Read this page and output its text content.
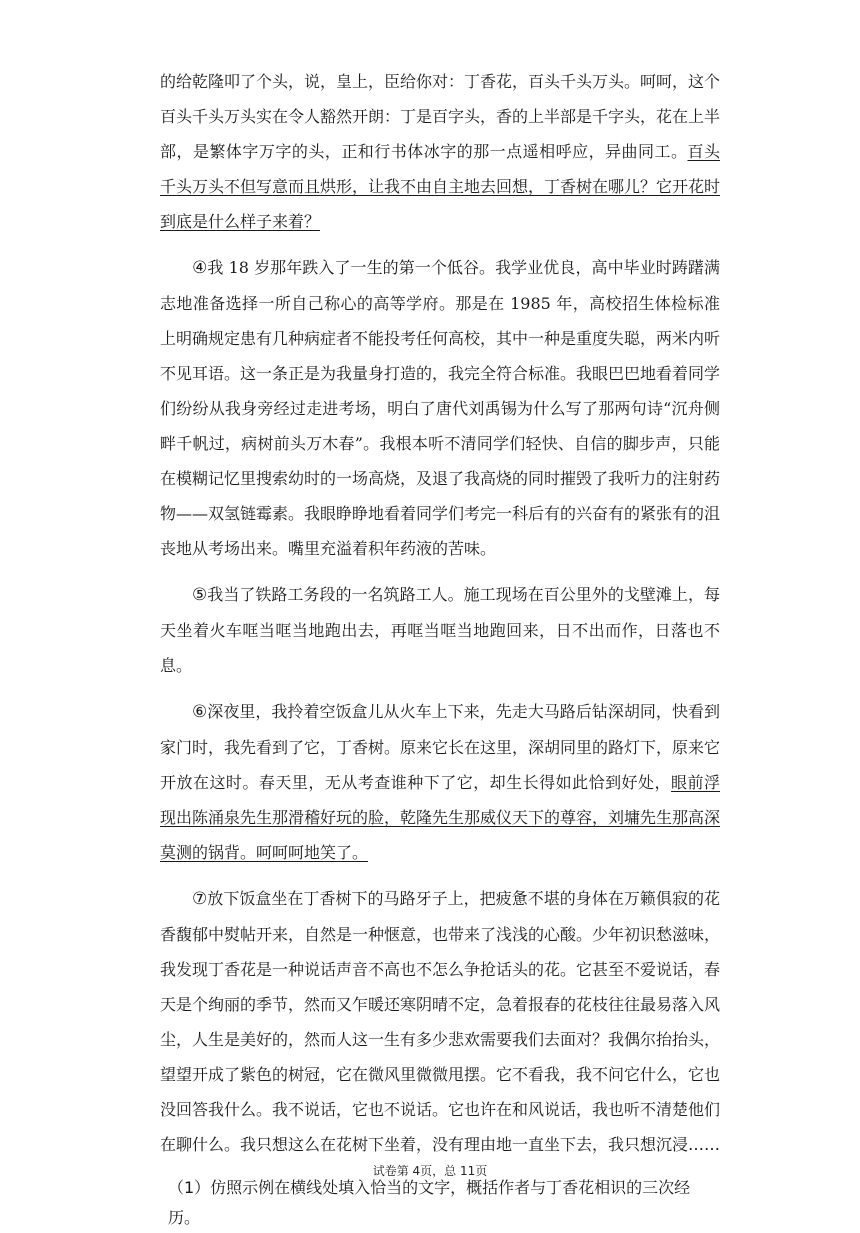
的给乾隆叩了个头，说，皇上，臣给你对：丁香花，百头千头万头。呵呵，这个百头千头万头实在令人豁然开朗：丁是百字头，香的上半部是千字头，花在上半部，是繁体字万字的头，正和行书体冰字的那一点遥相呼应，异曲同工。百头千头万头不但写意而且烘形，让我不由自主地去回想，丁香树在哪儿？它开花时到底是什么样子来着？

④我 18 岁那年跌入了一生的第一个低谷。我学业优良，高中毕业时踌躇满志地准备选择一所自己称心的高等学府。那是在 1985 年，高校招生体检标准上明确规定患有几种病症者不能投考任何高校，其中一种是重度失聪，两米内听不见耳语。这一条正是为我量身打造的，我完全符合标准。我眼巴巴地看着同学们纷纷从我身旁经过走进考场，明白了唐代刘禹锡为什么写了那两句诗“沉舟侧畔千帆过，病树前头万木春”。我根本听不清同学们轻快、自信的脚步声，只能在模糊记忆里搜索幼时的一场高烧，及退了我高烧的同时摧毁了我听力的注射药物——双氢链霉素。我眼睁睁地看着同学们考完一科后有的兴奋有的紧张有的沮丧地从考场出来。嘴里充溢着积年药液的苦味。

⑤我当了铁路工务段的一名筑路工人。施工现场在百公里外的戈壁滩上，每天坐着火车哐当哐当地跑出去，再哐当哐当地跑回来，日不出而作，日落也不息。

⑥深夜里，我拎着空饭盒儿从火车上下来，先走大马路后钻深胡同，快看到家门时，我先看到了它，丁香树。原来它长在这里，深胡同里的路灯下，原来它开放在这时。春天里，无从考查谁种下了它，却生长得如此恰到好处，眼前浮现出陈涌泉先生那滑稽好玩的脸，乾隆先生那威仪天下的尊容，刘墉先生那高深莫测的锅背。呵呵呵地笑了。

⑦放下饭盒坐在丁香树下的马路牙子上，把疲惫不堪的身体在万籁俱寂的花香馥郁中熨帖开来，自然是一种惬意，也带来了浅浅的心酸。少年初识愁滋味，我发现丁香花是一种说话声音不高也不怎么争抢话头的花。它甚至不爱说话，春天是个绚丽的季节，然而又乍暖还寒阴晴不定，急着报春的花枝往往最易落入风尘，人生是美好的，然而人这一生有多少悲欢需要我们去面对？我偶尔抬抬头，望望开成了紫色的树冠，它在微风里微微甩摆。它不看我，我不问它什么，它也没回答我什么。我不说话，它也不说话。它也许在和风说话，我也听不清楚他们在聊什么。我只想这么在花树下坐着，没有理由地一直坐下去，我只想沉浸……

（1）仿照示例在横线处填入恰当的文字，概括作者与丁香花相识的三次经历。

试卷第 4页，总 11页
